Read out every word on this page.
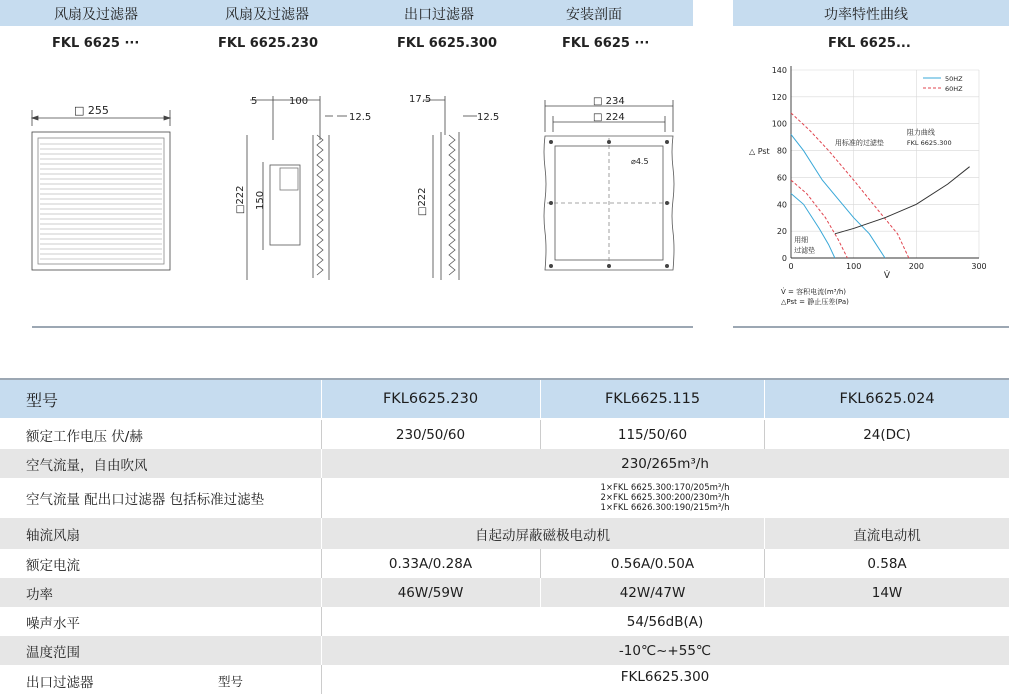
风扇及过滤器	风扇及过滤器	出口过滤器	安装剖面	功率特性曲线
FKL 6625 ···	FKL 6625.230	FKL 6625.300	FKL 6625 ···	FKL 6625...
□ 255
5	100
12.5
□222 150
17.5
12.5
□222
□ 234
□ 224
⌀4.5
0
20
40
60
80
100
120
140
0	100	200	300
△ Pst
V̇
50HZ
60HZ
用标准的过滤垫
阻力曲线
FKL 6625.300
用细
过滤垫
V̇ = 容积电流(m³/h)
△Pst = 静止压差(Pa)
型号	FKL6625.230	FKL6625.115	FKL6625.024
额定工作电压 伏/赫	230/50/60	115/50/60	24(DC)
空气流量，自由吹风	230/265m³/h
空气流量 配出口过滤器 包括标准过滤垫
1×FKL 6625.300:170/205m³/h
2×FKL 6625.300:200/230m³/h
1×FKL 6626.300:190/215m³/h
轴流风扇	自起动屏蔽磁极电动机	直流电动机
额定电流	0.33A/0.28A	0.56A/0.50A	0.58A
功率	46W/59W	42W/47W	14W
噪声水平	54/56dB(A)
温度范围	-10℃~+55℃
出口过滤器	型号	FKL6625.300
